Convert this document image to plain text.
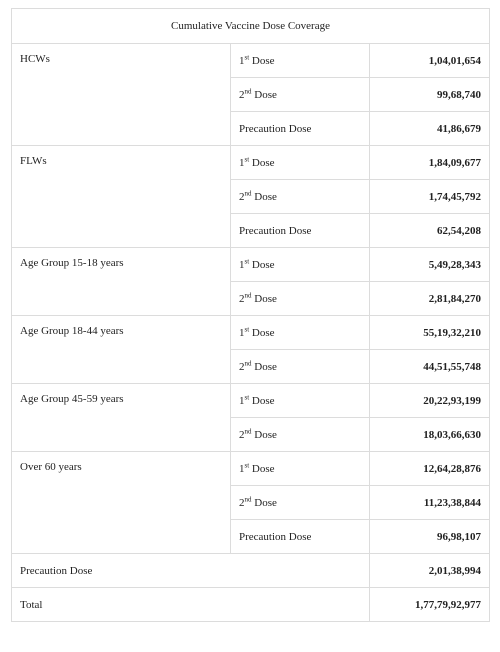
Cumulative Vaccine Dose Coverage		
HCWs	1st Dose	1,04,01,654
	2nd Dose	99,68,740
	Precaution Dose	41,86,679
FLWs	1st Dose	1,84,09,677
	2nd Dose	1,74,45,792
	Precaution Dose	62,54,208
Age Group 15-18 years	1st Dose	5,49,28,343
	2nd Dose	2,81,84,270
Age Group 18-44 years	1st Dose	55,19,32,210
	2nd Dose	44,51,55,748
Age Group 45-59 years	1st Dose	20,22,93,199
	2nd Dose	18,03,66,630
Over 60 years	1st Dose	12,64,28,876
	2nd Dose	11,23,38,844
	Precaution Dose	96,98,107
Precaution Dose		2,01,38,994
Total		1,77,79,92,977
